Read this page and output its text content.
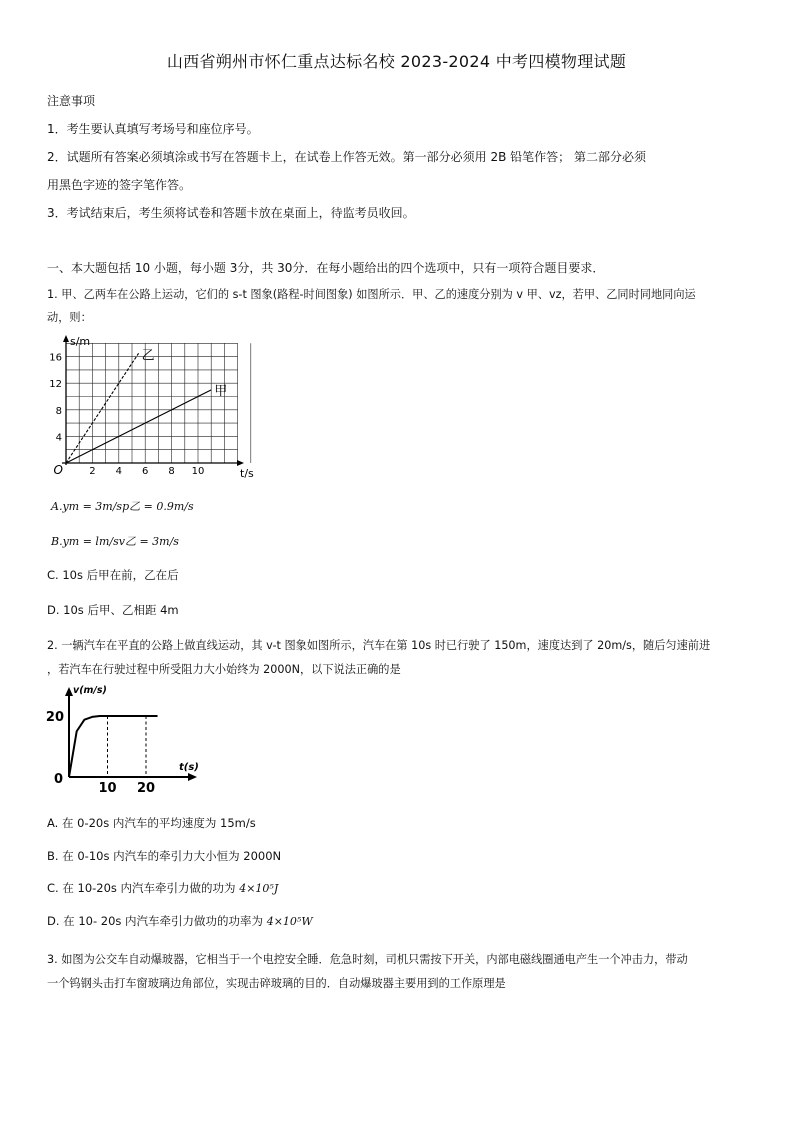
山西省朔州市怀仁重点达标名校 2023-2024 中考四模物理试题
注意事项
1．考生要认真填写考场号和座位序号。
2．试题所有答案必须填涂或书写在答题卡上，在试卷上作答无效。第一部分必须用 2B 铅笔作答； 第二部分必须
用黑色字迹的签字笔作答。
3．考试结束后，考生须将试卷和答题卡放在桌面上，待监考员收回。
一、本大题包括 10 小题，每小题 3分，共 30分．在每小题给出的四个选项中，只有一项符合题目要求．
1. 甲、乙两车在公路上运动，它们的 s-t 图象(路程-时间图象) 如图所示．甲、乙的速度分别为 v 甲、vz，若甲、乙同时同地同向运
动，则：
2 4 6 8 10
4
8
12
16
O	t/s
s/m
乙
甲
A.ym = 3m/sp乙 = 0.9m/s
B.ym = lm/sv乙 = 3m/s
C. 10s 后甲在前，乙在后
D. 10s 后甲、乙相距 4m
2. 一辆汽车在平直的公路上做直线运动，其 v-t 图象如图所示，汽车在第 10s 时已行驶了 150m，速度达到了 20m/s，随后匀速前进
，若汽车在行驶过程中所受阻力大小始终为 2000N，以下说法正确的是
10 20
20
0
v(m/s)
t(s)
A. 在 0-20s 内汽车的平均速度为 15m/s
B. 在 0-10s 内汽车的牵引力大小恒为 2000N
C. 在 10-20s 内汽车牵引力做的功为 4×10⁵J
D. 在 10- 20s 内汽车牵引力做功的功率为 4×10⁵W
3. 如图为公交车自动爆玻器，它相当于一个电控安全睡．危急时刻，司机只需按下开关，内部电磁线圈通电产生一个冲击力，带动
一个钨钢头击打车窗玻璃边角部位，实现击碎玻璃的目的．自动爆玻器主要用到的工作原理是
